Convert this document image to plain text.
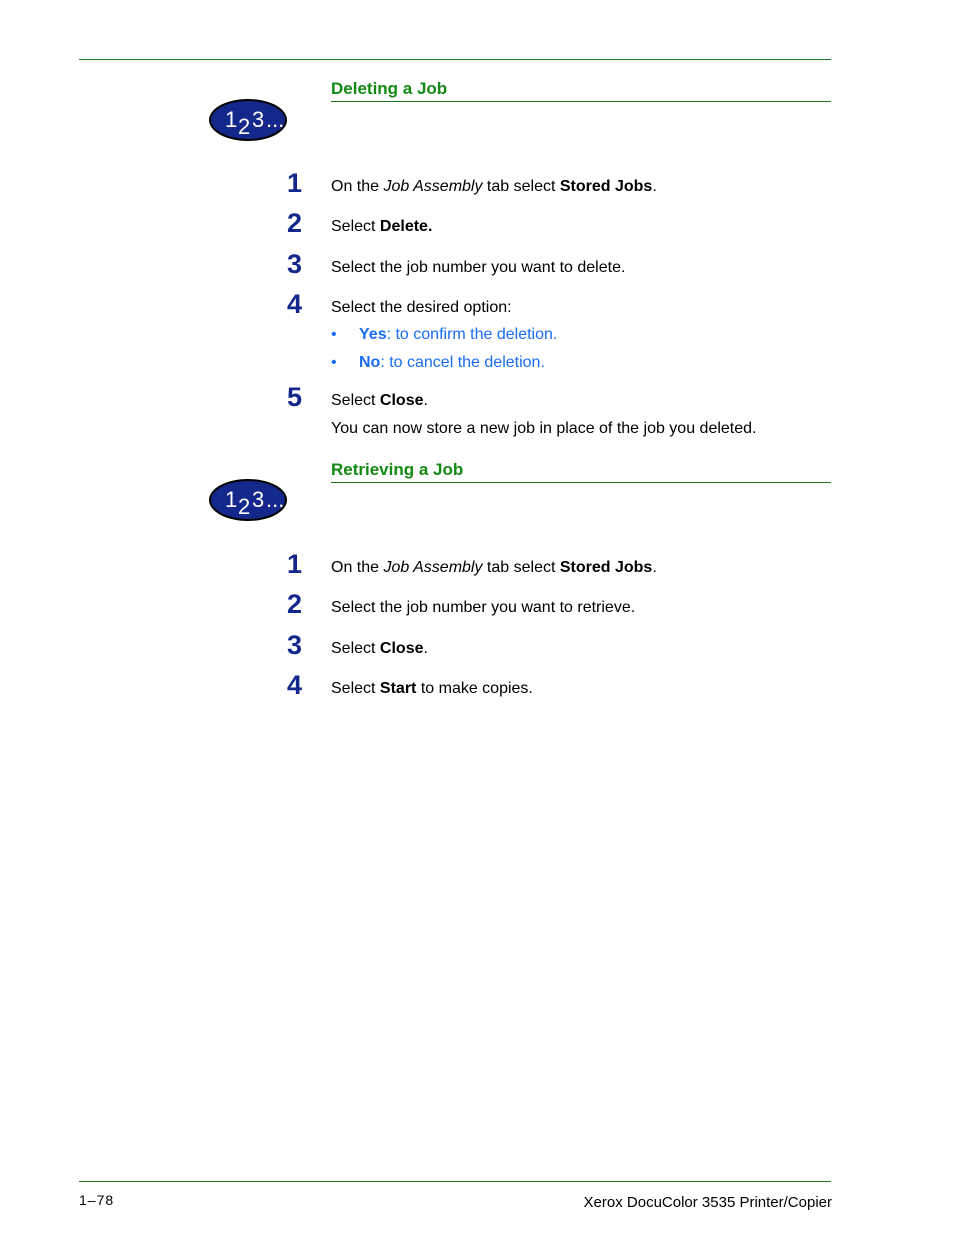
Deleting a Job
1 2 3 ...
1	On the Job Assembly tab select Stored Jobs.
2	Select Delete.
3	Select the job number you want to delete.
4	Select the desired option:
• Yes: to confirm the deletion.
• No: to cancel the deletion.
5	Select Close.
You can now store a new job in place of the job you deleted.
Retrieving a Job
1 2 3 ...
1	On the Job Assembly tab select Stored Jobs.
2	Select the job number you want to retrieve.
3	Select Close.
4	Select Start to make copies.
1–78	Xerox DocuColor 3535 Printer/Copier
